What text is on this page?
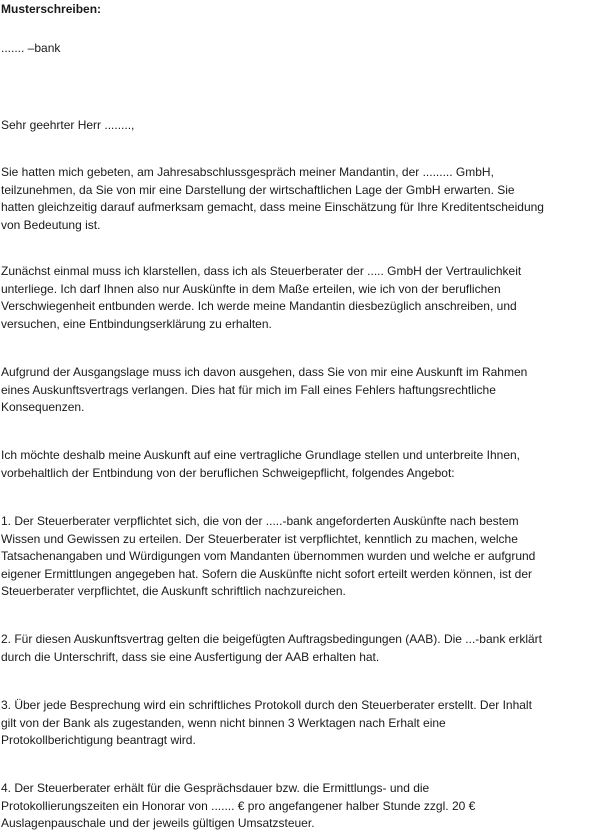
Musterschreiben:

....... –bank

Sehr geehrter Herr ........,

Sie hatten mich gebeten, am Jahresabschlussgespräch meiner Mandantin, der ......... GmbH,
teilzunehmen, da Sie von mir eine Darstellung der wirtschaftlichen Lage der GmbH erwarten. Sie
hatten gleichzeitig darauf aufmerksam gemacht, dass meine Einschätzung für Ihre Kreditentscheidung
von Bedeutung ist.
Zunächst einmal muss ich klarstellen, dass ich als Steuerberater der ..... GmbH der Vertraulichkeit
unterliege. Ich darf Ihnen also nur Auskünfte in dem Maße erteilen, wie ich von der beruflichen
Verschwiegenheit entbunden werde. Ich werde meine Mandantin diesbezüglich anschreiben, und
versuchen, eine Entbindungserklärung zu erhalten.
Aufgrund der Ausgangslage muss ich davon ausgehen, dass Sie von mir eine Auskunft im Rahmen
eines Auskunftsvertrags verlangen. Dies hat für mich im Fall eines Fehlers haftungsrechtliche
Konsequenzen.
Ich möchte deshalb meine Auskunft auf eine vertragliche Grundlage stellen und unterbreite Ihnen,
vorbehaltlich der Entbindung von der beruflichen Schweigepflicht, folgendes Angebot:
1. Der Steuerberater verpflichtet sich, die von der .....-bank angeforderten Auskünfte nach bestem
Wissen und Gewissen zu erteilen. Der Steuerberater ist verpflichtet, kenntlich zu machen, welche
Tatsachenangaben und Würdigungen vom Mandanten übernommen wurden und welche er aufgrund
eigener Ermittlungen angegeben hat. Sofern die Auskünfte nicht sofort erteilt werden können, ist der
Steuerberater verpflichtet, die Auskunft schriftlich nachzureichen.
2. Für diesen Auskunftsvertrag gelten die beigefügten Auftragsbedingungen (AAB). Die ...-bank erklärt
durch die Unterschrift, dass sie eine Ausfertigung der AAB erhalten hat.
3. Über jede Besprechung wird ein schriftliches Protokoll durch den Steuerberater erstellt. Der Inhalt
gilt von der Bank als zugestanden, wenn nicht binnen 3 Werktagen nach Erhalt eine
Protokollberichtigung beantragt wird.
4. Der Steuerberater erhält für die Gesprächsdauer bzw. die Ermittlungs- und die
Protokollierungszeiten ein Honorar von ....... € pro angefangener halber Stunde zzgl. 20 €
Auslagenpauschale und der jeweils gültigen Umsatzsteuer.
